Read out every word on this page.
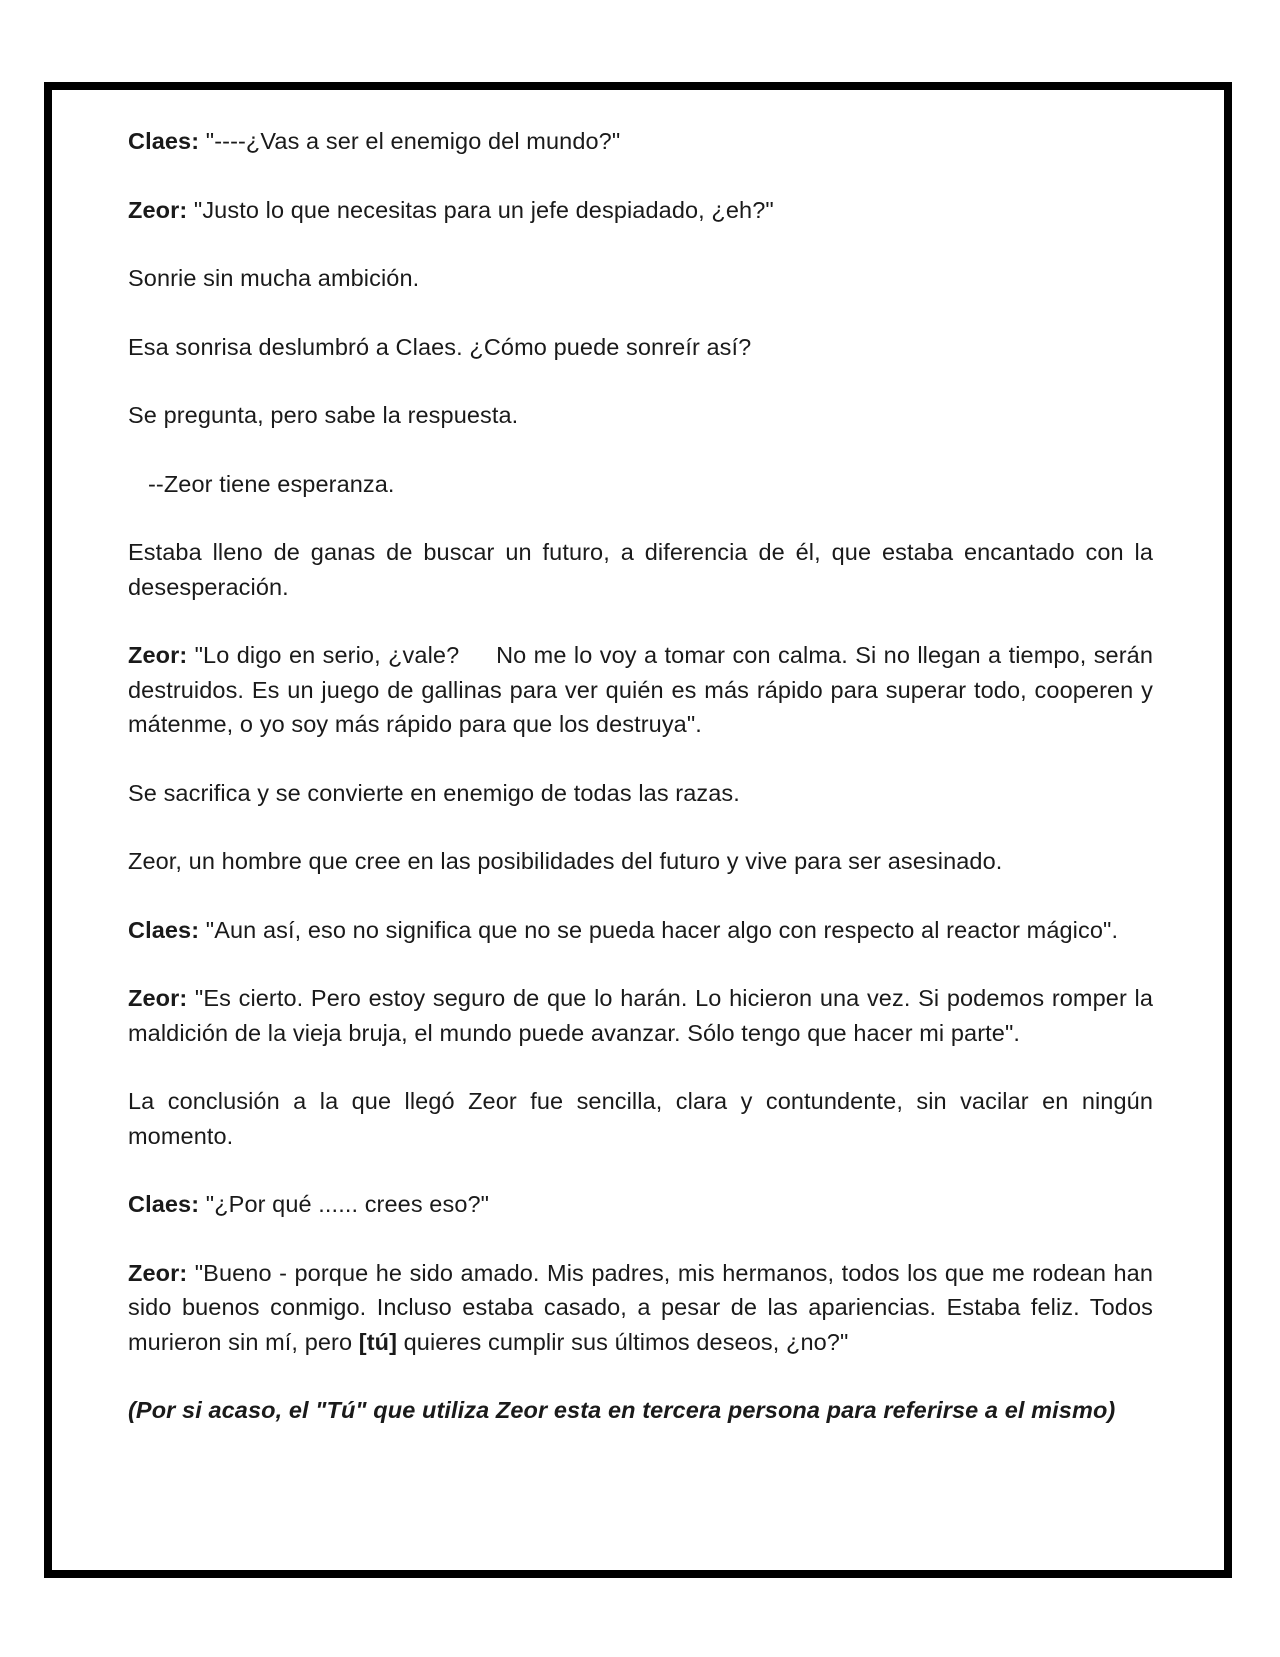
Claes: "----¿Vas a ser el enemigo del mundo?"

Zeor: "Justo lo que necesitas para un jefe despiadado, ¿eh?"

Sonrie sin mucha ambición.

Esa sonrisa deslumbró a Claes. ¿Cómo puede sonreír así?

Se pregunta, pero sabe la respuesta.

--Zeor tiene esperanza.

Estaba lleno de ganas de buscar un futuro, a diferencia de él, que estaba encantado con la desesperación.

Zeor: "Lo digo en serio, ¿vale?     No me lo voy a tomar con calma. Si no llegan a tiempo, serán destruidos. Es un juego de gallinas para ver quién es más rápido para superar todo, cooperen y mátenme, o yo soy más rápido para que los destruya".

Se sacrifica y se convierte en enemigo de todas las razas.

Zeor, un hombre que cree en las posibilidades del futuro y vive para ser asesinado.

Claes: "Aun así, eso no significa que no se pueda hacer algo con respecto al reactor mágico".

Zeor: "Es cierto. Pero estoy seguro de que lo harán. Lo hicieron una vez. Si podemos romper la maldición de la vieja bruja, el mundo puede avanzar. Sólo tengo que hacer mi parte".

La conclusión a la que llegó Zeor fue sencilla, clara y contundente, sin vacilar en ningún momento.

Claes: "¿Por qué ...... crees eso?"

Zeor: "Bueno - porque he sido amado. Mis padres, mis hermanos, todos los que me rodean han sido buenos conmigo. Incluso estaba casado, a pesar de las apariencias. Estaba feliz. Todos murieron sin mí, pero [tú] quieres cumplir sus últimos deseos, ¿no?"

(Por si acaso, el "Tú" que utiliza Zeor esta en tercera persona para referirse a el mismo)
